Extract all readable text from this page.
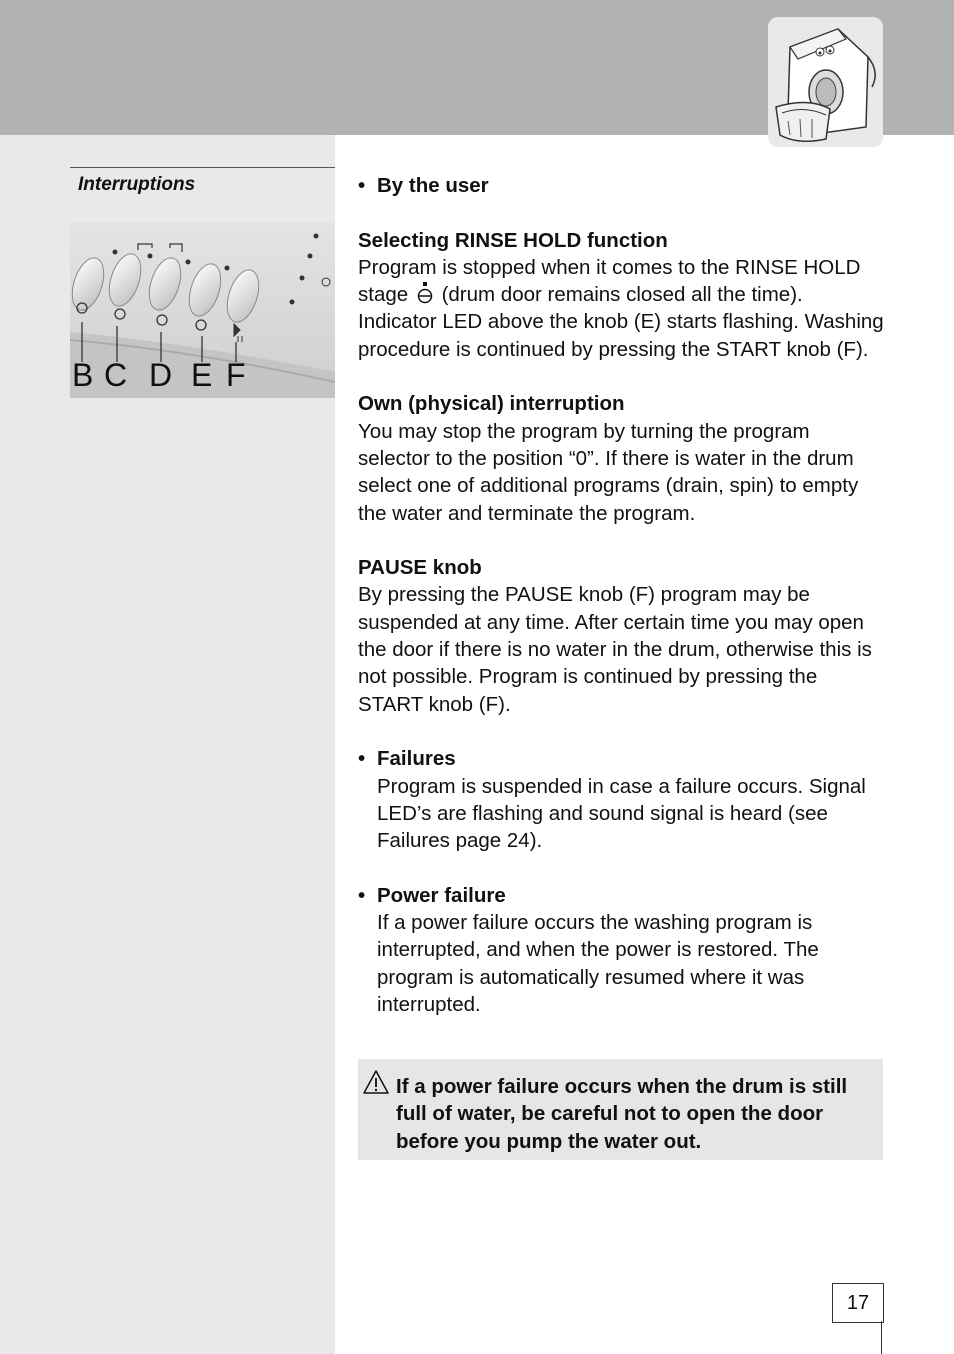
Interruptions
B C D E F

• By the user

Selecting RINSE HOLD function

Program is stopped when it comes to the RINSE HOLD stage (drum door remains closed all the time). Indicator LED above the knob (E) starts flashing. Washing procedure is continued by pressing the START knob (F).

Own (physical) interruption

You may stop the program by turning the program selector to the position “0”. If there is water in the drum select one of additional programs (drain, spin) to empty the water and terminate the program.

PAUSE knob

By pressing the PAUSE knob (F) program may be suspended at any time. After certain time you may open the door if there is no water in the drum, otherwise this is not possible. Program is continued by pressing the START knob (F).

• Failures

Program is suspended in case a failure occurs. Signal LED’s are flashing and sound signal is heard (see Failures page 24).

• Power failure

If a power failure occurs the washing program is interrupted, and when the power is restored. The program is automatically resumed where it was interrupted.

If a power failure occurs when the drum is still full of water, be careful not to open the door before you pump the water out.
17
